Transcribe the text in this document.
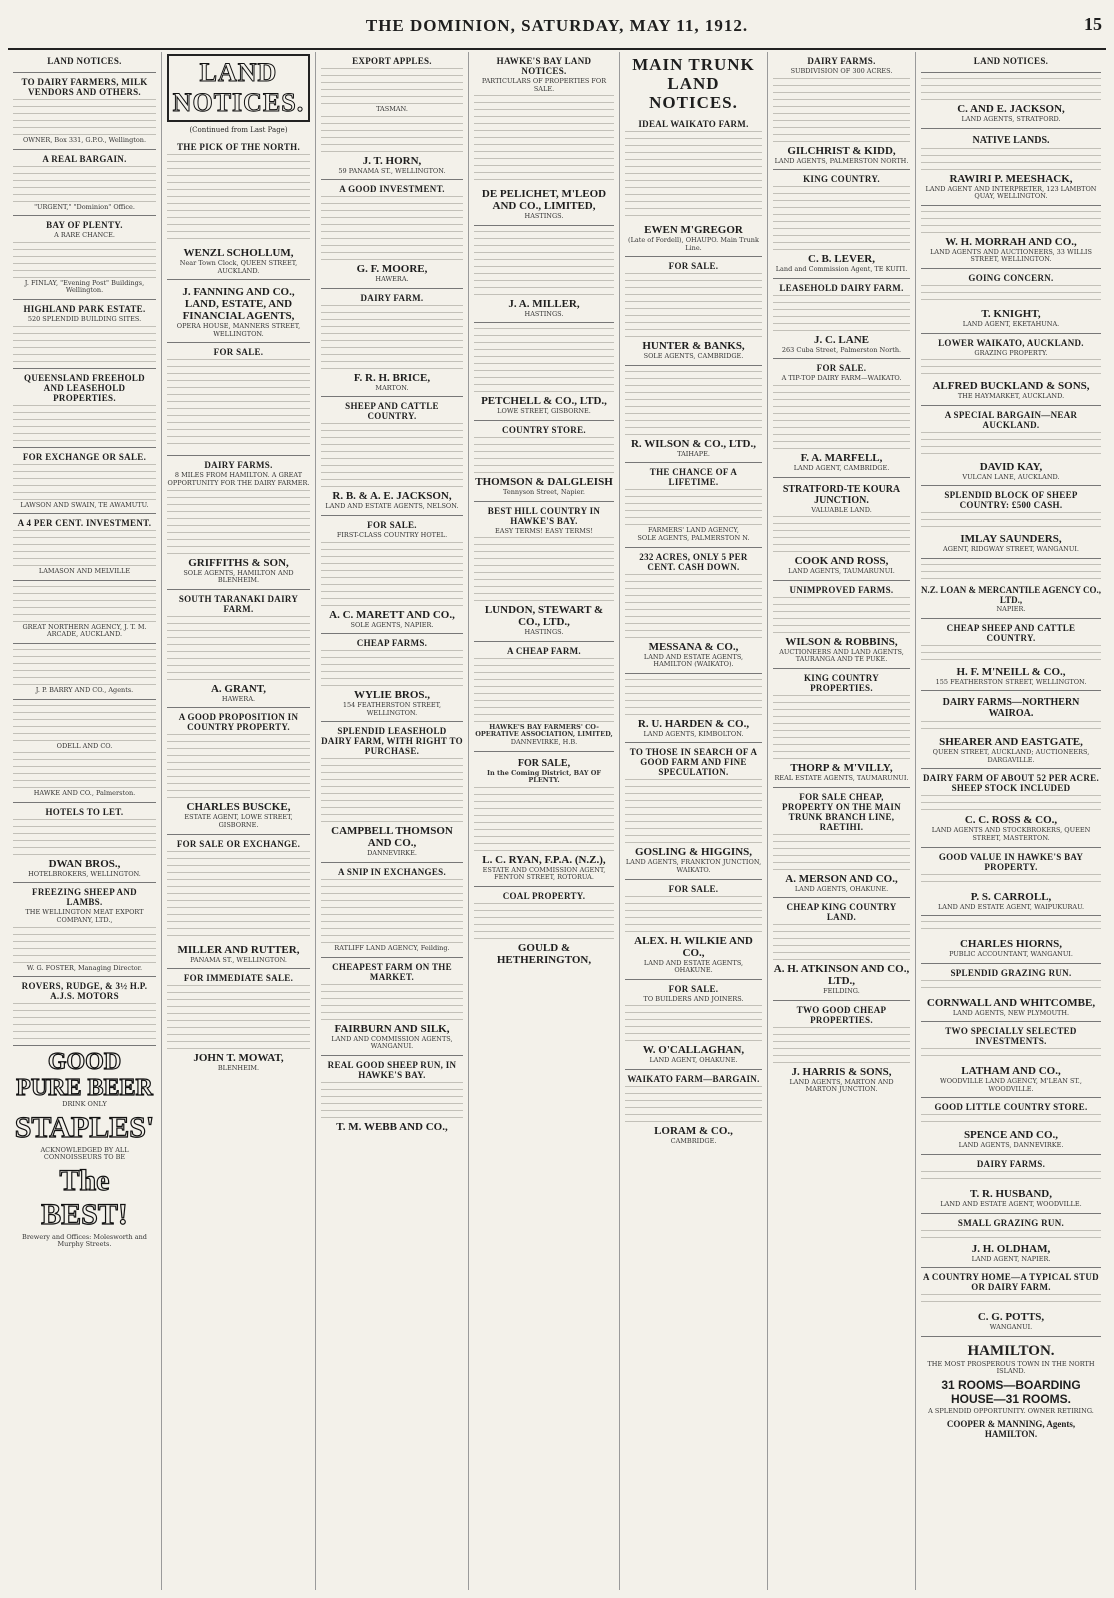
THE DOMINION, SATURDAY, MAY 11, 1912.	15
LAND NOTICES.
TO DAIRY FARMERS, MILK VENDORS AND OTHERS.

OWNER, Box 331, G.P.O., Wellington.

A REAL BARGAIN.

"URGENT," "Dominion" Office.

BAY OF PLENTY.

A RARE CHANCE.

J. FINLAY, "Evening Post" Buildings, Wellington.

HIGHLAND PARK ESTATE.

520 SPLENDID BUILDING SITES.

QUEENSLAND FREEHOLD AND LEASEHOLD PROPERTIES.
FOR EXCHANGE OR SALE.

LAWSON AND SWAIN, TE AWAMUTU.

A 4 PER CENT. INVESTMENT.

LAMASON AND MELVILLE

GREAT NORTHERN AGENCY, J. T. M. ARCADE, AUCKLAND.

J. P. BARRY AND CO., Agents.

ODELL AND CO.

HAWKE AND CO., Palmerston.

HOTELS TO LET.
DWAN BROS.,

HOTELBROKERS, WELLINGTON.

FREEZING SHEEP AND LAMBS.

THE WELLINGTON MEAT EXPORT COMPANY, LTD.,

W. G. FOSTER, Managing Director.

ROVERS, RUDGE, & 3½ H.P. A.J.S. MOTORS
GOOD
PURE BEER

DRINK ONLY

STAPLES'

ACKNOWLEDGED BY ALL CONNOISSEURS TO BE

The BEST!

Brewery and Offices: Molesworth and Murphy Streets.

LAND NOTICES.

(Continued from Last Page)

THE PICK OF THE NORTH.
WENZL SCHOLLUM,

Near Town Clock, QUEEN STREET, AUCKLAND.

J. FANNING AND CO., LAND, ESTATE, AND FINANCIAL AGENTS,

OPERA HOUSE, MANNERS STREET, WELLINGTON.

FOR SALE.
DAIRY FARMS.

8 MILES FROM HAMILTON. A GREAT OPPORTUNITY FOR THE DAIRY FARMER.

GRIFFITHS & SON,

SOLE AGENTS, HAMILTON AND BLENHEIM.

SOUTH TARANAKI DAIRY FARM.
A. GRANT,

HAWERA.

A GOOD PROPOSITION IN COUNTRY PROPERTY.
CHARLES BUSCKE,

ESTATE AGENT, LOWE STREET, GISBORNE.

FOR SALE OR EXCHANGE.
MILLER AND RUTTER,

PANAMA ST., WELLINGTON.

FOR IMMEDIATE SALE.
JOHN T. MOWAT,

BLENHEIM.

EXPORT APPLES.

TASMAN.

J. T. HORN,

59 PANAMA ST., WELLINGTON.

A GOOD INVESTMENT.
G. F. MOORE,

HAWERA.

DAIRY FARM.
F. R. H. BRICE,

MARTON.

SHEEP AND CATTLE COUNTRY.
R. B. & A. E. JACKSON,

LAND AND ESTATE AGENTS, NELSON.

FOR SALE.

FIRST-CLASS COUNTRY HOTEL.

A. C. MARETT AND CO.,

SOLE AGENTS, NAPIER.

CHEAP FARMS.
WYLIE BROS.,

154 FEATHERSTON STREET, WELLINGTON.

SPLENDID LEASEHOLD DAIRY FARM, WITH RIGHT TO PURCHASE.
CAMPBELL THOMSON AND CO.,

DANNEVIRKE.

A SNIP IN EXCHANGES.

RATLIFF LAND AGENCY, Feilding.

CHEAPEST FARM ON THE MARKET.
FAIRBURN AND SILK,

LAND AND COMMISSION AGENTS, WANGANUI.

REAL GOOD SHEEP RUN, IN HAWKE'S BAY.
T. M. WEBB AND CO.,
HAWKE'S BAY LAND NOTICES.

PARTICULARS OF PROPERTIES FOR SALE.

DE PELICHET, M'LEOD AND CO., LIMITED,

HASTINGS.

J. A. MILLER,

HASTINGS.

PETCHELL & CO., LTD.,

LOWE STREET, GISBORNE.

COUNTRY STORE.
THOMSON & DALGLEISH

Tennyson Street, Napier.

BEST HILL COUNTRY IN HAWKE'S BAY.

EASY TERMS! EASY TERMS!

LUNDON, STEWART & CO., LTD.,

HASTINGS.

A CHEAP FARM.

HAWKE'S BAY FARMERS' CO-OPERATIVE ASSOCIATION, LIMITED,

DANNEVIRKE, H.B.

FOR SALE,

In the Coming District, BAY OF PLENTY.

L. C. RYAN, F.P.A. (N.Z.),

ESTATE AND COMMISSION AGENT, FENTON STREET, ROTORUA.

COAL PROPERTY.
GOULD & HETHERINGTON,
MAIN TRUNK LAND NOTICES.
IDEAL WAIKATO FARM.
EWEN M'GREGOR

(Late of Fordell), OHAUPO. Main Trunk Line.

FOR SALE.
HUNTER & BANKS,

SOLE AGENTS, CAMBRIDGE.

R. WILSON & CO., LTD.,

TAIHAPE.

THE CHANCE OF A LIFETIME.

FARMERS' LAND AGENCY,

SOLE AGENTS, PALMERSTON N.

232 ACRES, ONLY 5 PER CENT. CASH DOWN.
MESSANA & CO.,

LAND AND ESTATE AGENTS, HAMILTON (WAIKATO).

R. U. HARDEN & CO.,

LAND AGENTS, KIMBOLTON.

TO THOSE IN SEARCH OF A GOOD FARM AND FINE SPECULATION.
GOSLING & HIGGINS,

LAND AGENTS, FRANKTON JUNCTION, WAIKATO.

FOR SALE.
ALEX. H. WILKIE AND CO.,

LAND AND ESTATE AGENTS, OHAKUNE.

FOR SALE.

TO BUILDERS AND JOINERS.

W. O'CALLAGHAN,

LAND AGENT, OHAKUNE.

WAIKATO FARM—BARGAIN.
LORAM & CO.,

CAMBRIDGE.

DAIRY FARMS.

SUBDIVISION OF 300 ACRES.

GILCHRIST & KIDD,

LAND AGENTS, PALMERSTON NORTH.

KING COUNTRY.
C. B. LEVER,

Land and Commission Agent, TE KUITI.

LEASEHOLD DAIRY FARM.
J. C. LANE

263 Cuba Street, Palmerston North.

FOR SALE.

A TIP-TOP DAIRY FARM—WAIKATO.

F. A. MARFELL,

LAND AGENT, CAMBRIDGE.

STRATFORD-TE KOURA JUNCTION.

VALUABLE LAND.

COOK AND ROSS,

LAND AGENTS, TAUMARUNUI.

UNIMPROVED FARMS.
WILSON & ROBBINS,

AUCTIONEERS AND LAND AGENTS, TAURANGA AND TE PUKE.

KING COUNTRY PROPERTIES.
THORP & M'VILLY,

REAL ESTATE AGENTS, TAUMARUNUI.

FOR SALE CHEAP, PROPERTY ON THE MAIN TRUNK BRANCH LINE, RAETIHI.
A. MERSON AND CO.,

LAND AGENTS, OHAKUNE.

CHEAP KING COUNTRY LAND.
A. H. ATKINSON AND CO., LTD.,

FEILDING.

TWO GOOD CHEAP PROPERTIES.
J. HARRIS & SONS,

LAND AGENTS, MARTON AND MARTON JUNCTION.

LAND NOTICES.
C. AND E. JACKSON,

LAND AGENTS, STRATFORD.

NATIVE LANDS.
RAWIRI P. MEESHACK,

LAND AGENT AND INTERPRETER, 123 LAMBTON QUAY, WELLINGTON.

W. H. MORRAH AND CO.,

LAND AGENTS AND AUCTIONEERS, 33 WILLIS STREET, WELLINGTON.

GOING CONCERN.
T. KNIGHT,

LAND AGENT, EKETAHUNA.

LOWER WAIKATO, AUCKLAND.

GRAZING PROPERTY.

ALFRED BUCKLAND & SONS,

THE HAYMARKET, AUCKLAND.

A SPECIAL BARGAIN—NEAR AUCKLAND.
DAVID KAY,

VULCAN LANE, AUCKLAND.

SPLENDID BLOCK OF SHEEP COUNTRY: £500 CASH.
IMLAY SAUNDERS,

AGENT, RIDGWAY STREET, WANGANUI.

N.Z. LOAN & MERCANTILE AGENCY CO., LTD.,

NAPIER.

CHEAP SHEEP AND CATTLE COUNTRY.
H. F. M'NEILL & CO.,

155 FEATHERSTON STREET, WELLINGTON.

DAIRY FARMS—NORTHERN WAIROA.
SHEARER AND EASTGATE,

QUEEN STREET, AUCKLAND; AUCTIONEERS, DARGAVILLE.

DAIRY FARM OF ABOUT 52 PER ACRE. SHEEP STOCK INCLUDED
C. C. ROSS & CO.,

LAND AGENTS AND STOCKBROKERS, QUEEN STREET, MASTERTON.

GOOD VALUE IN HAWKE'S BAY PROPERTY.
P. S. CARROLL,

LAND AND ESTATE AGENT, WAIPUKURAU.

CHARLES HIORNS,

PUBLIC ACCOUNTANT, WANGANUI.

SPLENDID GRAZING RUN.
CORNWALL AND WHITCOMBE,

LAND AGENTS, NEW PLYMOUTH.

TWO SPECIALLY SELECTED INVESTMENTS.
LATHAM AND CO.,

WOODVILLE LAND AGENCY, M'LEAN ST., WOODVILLE.

GOOD LITTLE COUNTRY STORE.
SPENCE AND CO.,

LAND AGENTS, DANNEVIRKE.

DAIRY FARMS.
T. R. HUSBAND,

LAND AND ESTATE AGENT, WOODVILLE.

SMALL GRAZING RUN.
J. H. OLDHAM,

LAND AGENT, NAPIER.

A COUNTRY HOME—A TYPICAL STUD OR DAIRY FARM.
C. G. POTTS,

WANGANUI.

HAMILTON.

THE MOST PROSPEROUS TOWN IN THE NORTH ISLAND.

31 ROOMS—BOARDING HOUSE—31 ROOMS.

A SPLENDID OPPORTUNITY. OWNER RETIRING.

COOPER & MANNING, Agents, HAMILTON.
